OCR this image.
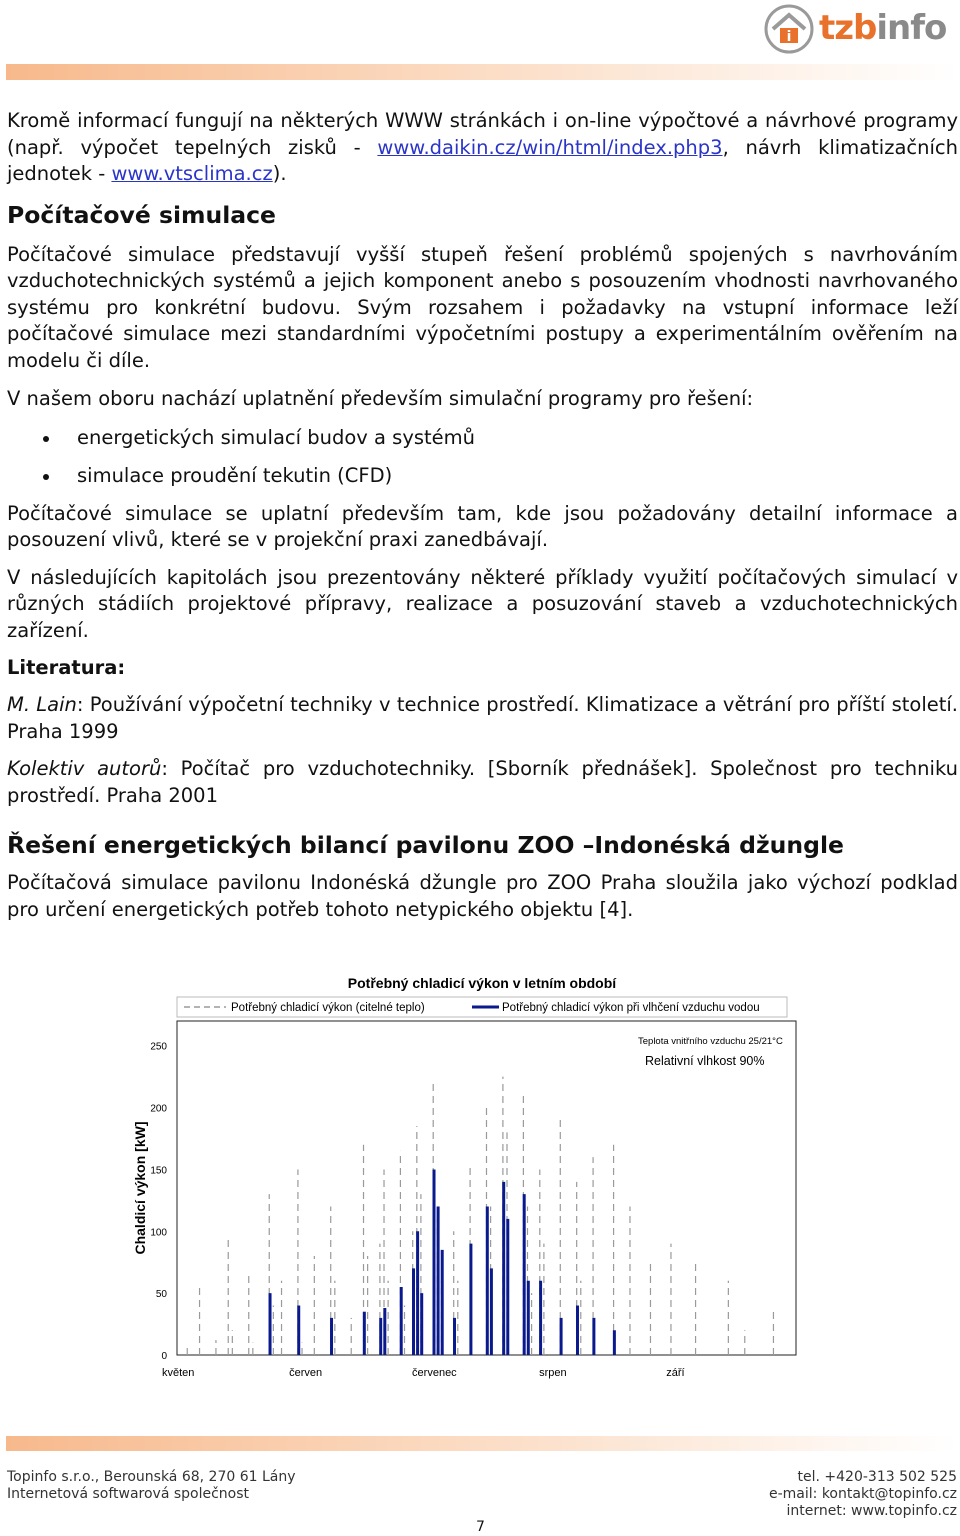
i tzbinfo

Kromě informací fungují na některých WWW stránkách i on-line výpočtové a návrhové programy (např. výpočet tepelných zisků - www.daikin.cz/win/html/index.php3, návrh klimatizačních jednotek - www.vtsclima.cz).

Počítačové simulace

Počítačové simulace představují vyšší stupeň řešení problémů spojených s navrhováním vzduchotechnických systémů a jejich komponent anebo s posouzením vhodnosti navrhovaného systému pro konkrétní budovu. Svým rozsahem i požadavky na vstupní informace leží počítačové simulace mezi standardními výpočetními postupy a experimentálním ověřením na modelu či díle.

V našem oboru nachází uplatnění především simulační programy pro řešení:

energetických simulací budov a systémů
simulace proudění tekutin (CFD)

Počítačové simulace se uplatní především tam, kde jsou požadovány detailní informace a posouzení vlivů, které se v projekční praxi zanedbávají.

V následujících kapitolách jsou prezentovány některé příklady využití počítačových simulací v různých stádiích projektové přípravy, realizace a posuzování staveb a vzduchotechnických zařízení.

Literatura:

M. Lain: Používání výpočetní techniky v technice prostředí. Klimatizace a větrání pro příští století. Praha 1999

Kolektiv autorů: Počítač pro vzduchotechniky. [Sborník přednášek]. Společnost pro techniku prostředí. Praha 2001

Řešení energetických bilancí pavilonu ZOO –Indonéská džungle

Počítačová simulace pavilonu Indonéská džungle pro ZOO Praha sloužila jako výchozí podklad pro určení energetických potřeb tohoto netypického objektu [4].

Potřebný chladicí výkon v letním období
0
50
100
150
200
250
květen	červen	červenec	srpen	září
Chaldicí výkon [kW]
Potřebný chladicí výkon (citelné teplo)	Potřebný chladicí výkon při vlhčení vzduchu vodou
Teplota vnitřního vzduchu 25/21°C
Relativní vlhkost 90%
Topinfo s.r.o., Berounská 68, 270 61 Lány
Internetová softwarová společnost
tel. +420-313 502 525
e-mail: kontakt@topinfo.cz
internet: www.topinfo.cz
7
